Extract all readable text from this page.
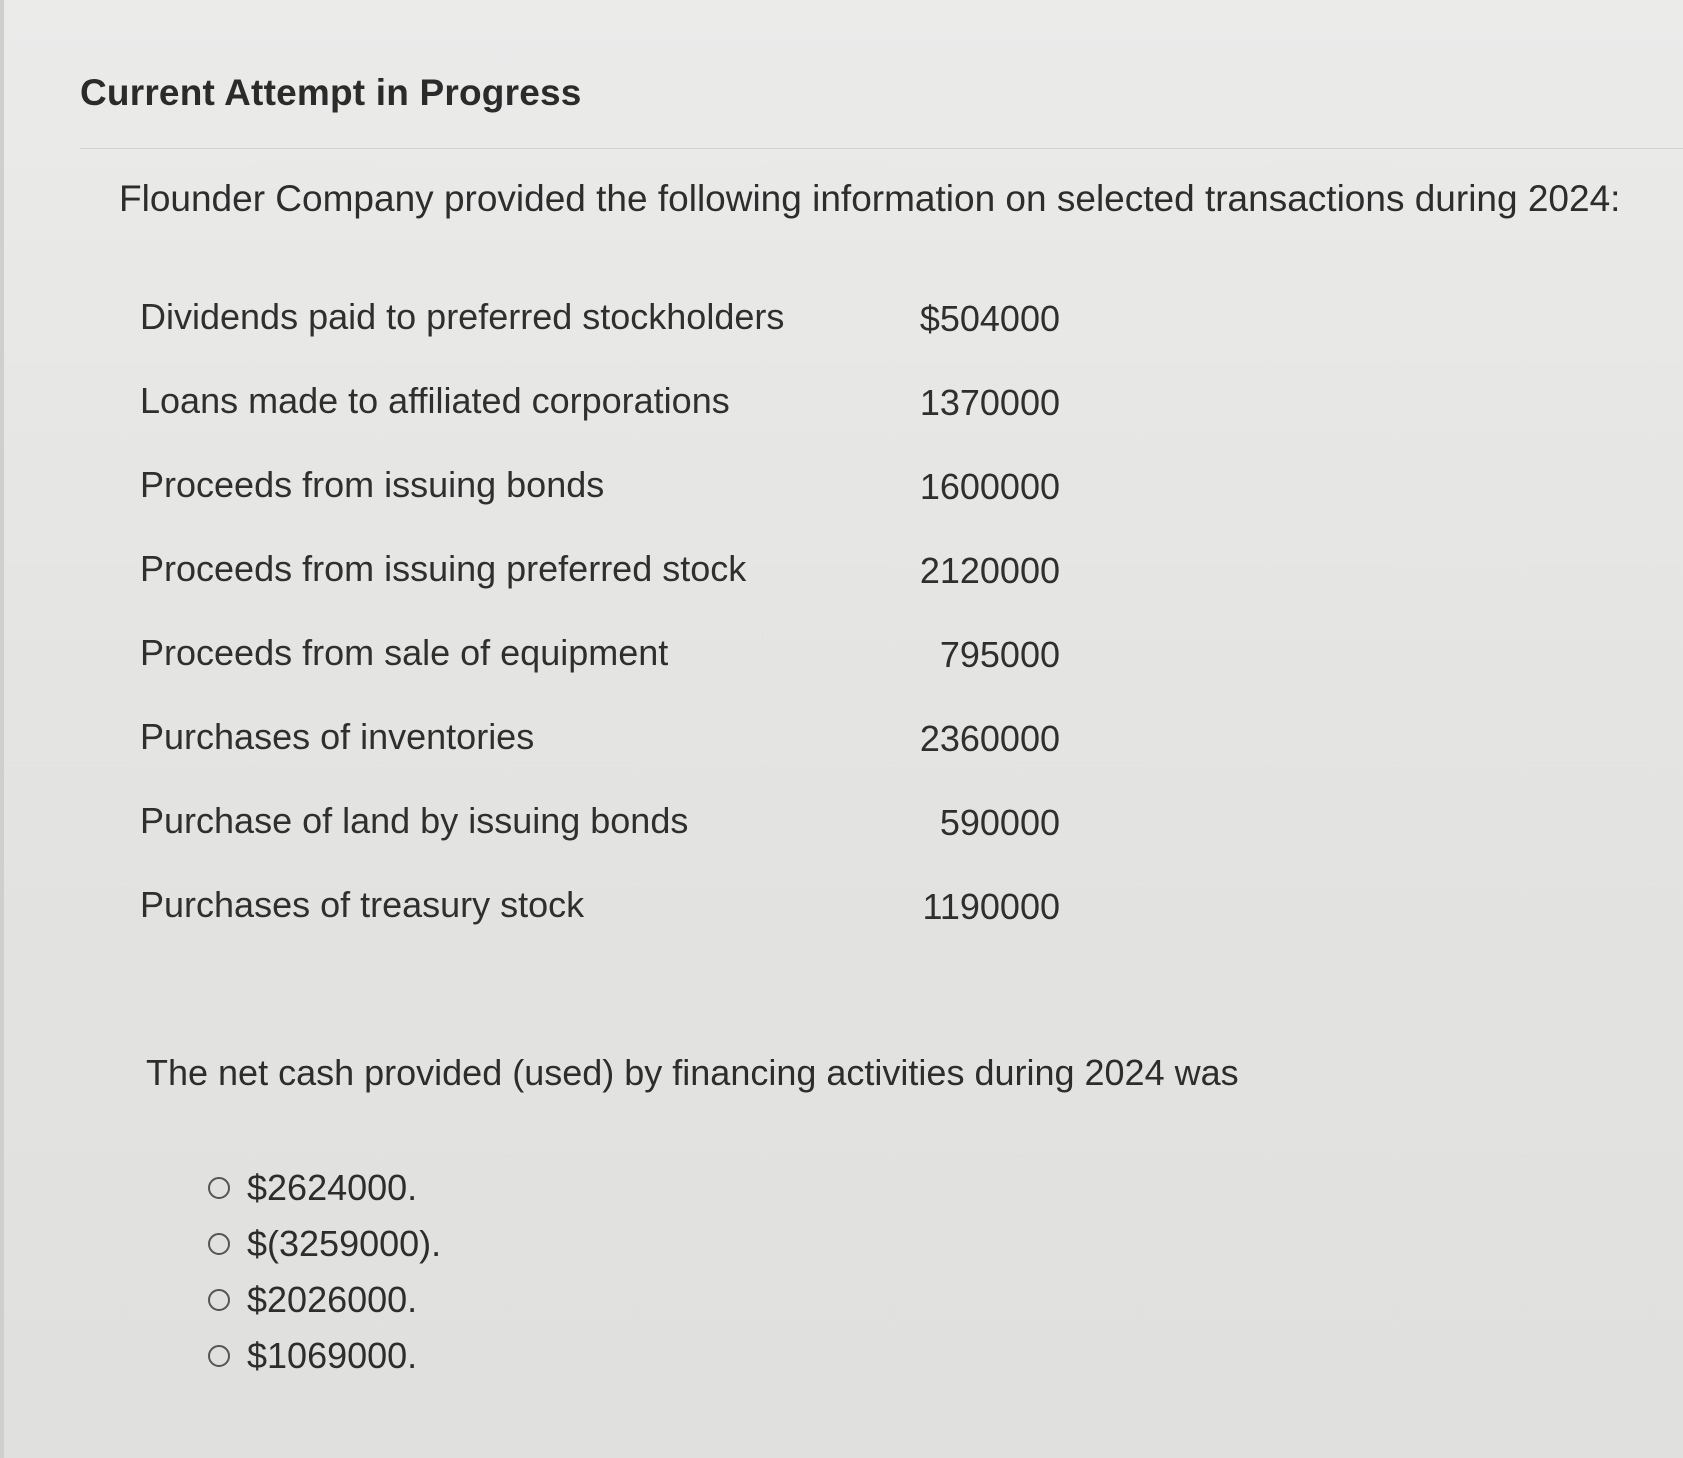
Current Attempt in Progress
Flounder Company provided the following information on selected transactions during 2024:
Dividends paid to preferred stockholders	$504000
Loans made to affiliated corporations	1370000
Proceeds from issuing bonds	1600000
Proceeds from issuing preferred stock	2120000
Proceeds from sale of equipment	795000
Purchases of inventories	2360000
Purchase of land by issuing bonds	590000
Purchases of treasury stock	1190000
The net cash provided (used) by financing activities during 2024 was
$2624000.
$(3259000).
$2026000.
$1069000.
